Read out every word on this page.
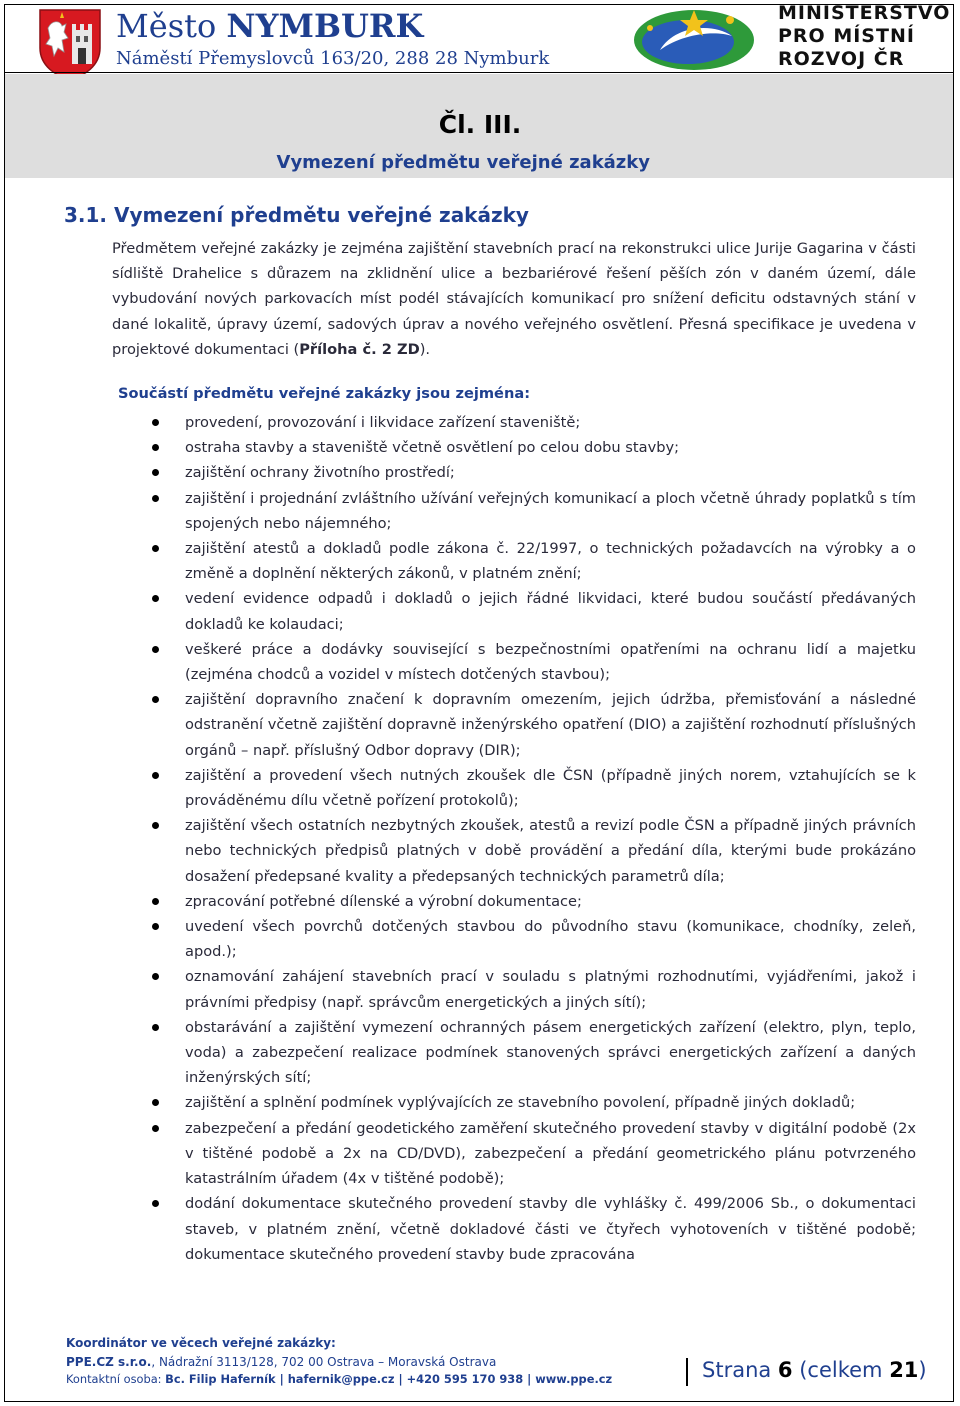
Město NYMBURK
Náměstí Přemyslovců 163/20, 288 28 Nymburk
MINISTERSTVO
PRO MÍSTNÍ
ROZVOJ ČR
Čl. III.
Vymezení předmětu veřejné zakázky
3.1. Vymezení předmětu veřejné zakázky
Předmětem veřejné zakázky je zejména zajištění stavebních prací na rekonstrukci ulice Jurije Gagarina v části sídliště Drahelice s důrazem na zklidnění ulice a bezbariérové řešení pěších zón v daném území, dále vybudování nových parkovacích míst podél stávajících komunikací pro snížení deficitu odstavných stání v dané lokalitě, úpravy území, sadových úprav a nového veřejného osvětlení. Přesná specifikace je uvedena v projektové dokumentaci (Příloha č. 2 ZD).
Součástí předmětu veřejné zakázky jsou zejména:
provedení, provozování i likvidace zařízení staveniště;
ostraha stavby a staveniště včetně osvětlení po celou dobu stavby;
zajištění ochrany životního prostředí;
zajištění i projednání zvláštního užívání veřejných komunikací a ploch včetně úhrady poplatků s tím spojených nebo nájemného;
zajištění atestů a dokladů podle zákona č. 22/1997, o technických požadavcích na výrobky a o změně a doplnění některých zákonů, v platném znění;
vedení evidence odpadů i dokladů o jejich řádné likvidaci, které budou součástí předávaných dokladů ke kolaudaci;
veškeré práce a dodávky související s bezpečnostními opatřeními na ochranu lidí a majetku (zejména chodců a vozidel v místech dotčených stavbou);
zajištění dopravního značení k dopravním omezením, jejich údržba, přemisťování a následné odstranění včetně zajištění dopravně inženýrského opatření (DIO) a zajištění rozhodnutí příslušných orgánů – např. příslušný Odbor dopravy (DIR);
zajištění a provedení všech nutných zkoušek dle ČSN (případně jiných norem, vztahujících se k prováděnému dílu včetně pořízení protokolů);
zajištění všech ostatních nezbytných zkoušek, atestů a revizí podle ČSN a případně jiných právních nebo technických předpisů platných v době provádění a předání díla, kterými bude prokázáno dosažení předepsané kvality a předepsaných technických parametrů díla;
zpracování potřebné dílenské a výrobní dokumentace;
uvedení všech povrchů dotčených stavbou do původního stavu (komunikace, chodníky, zeleň, apod.);
oznamování zahájení stavebních prací v souladu s platnými rozhodnutími, vyjádřeními, jakož i právními předpisy (např. správcům energetických a jiných sítí);
obstarávání a zajištění vymezení ochranných pásem energetických zařízení (elektro, plyn, teplo, voda) a zabezpečení realizace podmínek stanovených správci energetických zařízení a daných inženýrských sítí;
zajištění a splnění podmínek vyplývajících ze stavebního povolení, případně jiných dokladů;
zabezpečení a předání geodetického zaměření skutečného provedení stavby v digitální podobě (2x v tištěné podobě a 2x na CD/DVD), zabezpečení a předání geometrického plánu potvrzeného katastrálním úřadem (4x v tištěné podobě);
dodání dokumentace skutečného provedení stavby dle vyhlášky č. 499/2006 Sb., o dokumentaci staveb, v platném znění, včetně dokladové části ve čtyřech vyhotoveních v tištěné podobě; dokumentace skutečného provedení stavby bude zpracována
Koordinátor ve věcech veřejné zakázky:
PPE.CZ s.r.o., Nádražní 3113/128, 702 00 Ostrava – Moravská Ostrava
Kontaktní osoba: Bc. Filip Haferník | hafernik@ppe.cz | +420 595 170 938 | www.ppe.cz	Strana 6 (celkem 21)
